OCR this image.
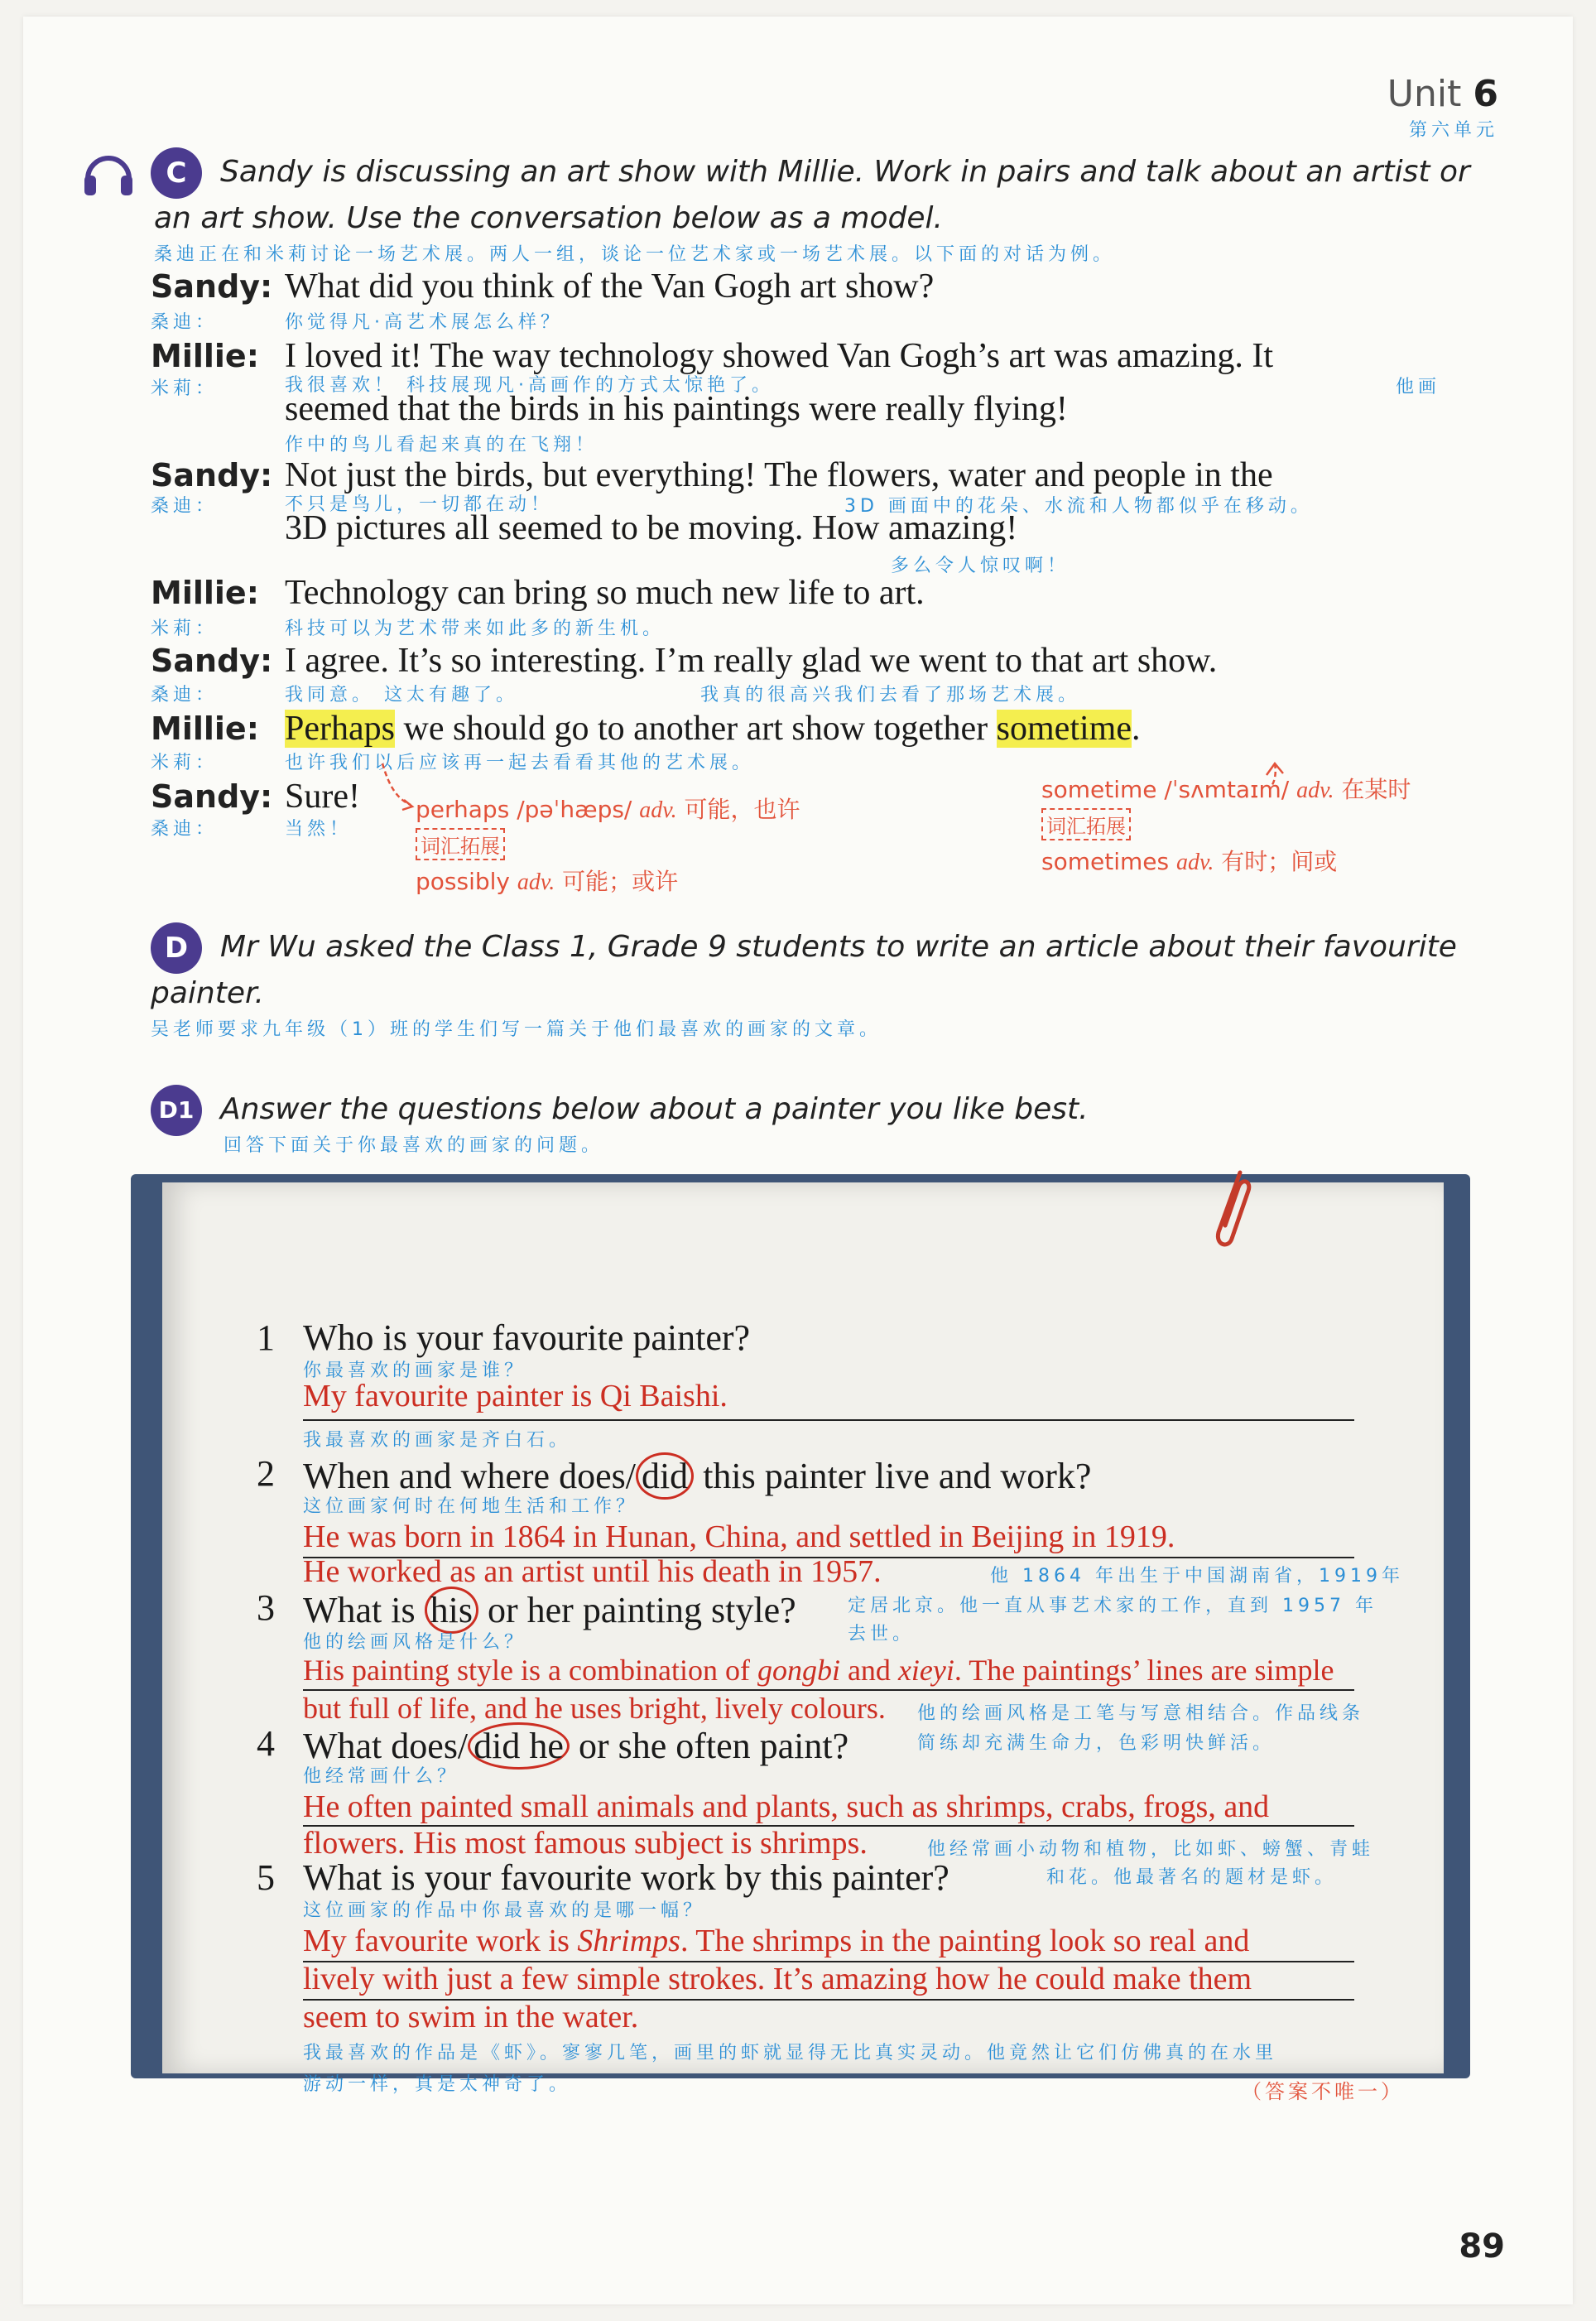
Unit 6
第六单元
C	Sandy is discussing an art show with Millie. Work in pairs and talk about an artist or
an art show. Use the conversation below as a model.
桑迪正在和米莉讨论一场艺术展。两人一组，谈论一位艺术家或一场艺术展。以下面的对话为例。
Sandy:
桑迪：
What did you think of the Van Gogh art show?
你觉得凡·高艺术展怎么样？
Millie:
米莉：
I loved it! The way technology showed Van Gogh’s art was amazing. It
我很喜欢！ 科技展现凡·高画作的方式太惊艳了。	他画
seemed that the birds in his paintings were really flying!
作中的鸟儿看起来真的在飞翔！
Sandy:
桑迪：
Not just the birds, but everything! The flowers, water and people in the
不只是鸟儿，一切都在动！	3D 画面中的花朵、水流和人物都似乎在移动。
3D pictures all seemed to be moving. How amazing!
多么令人惊叹啊！
Millie:
米莉：
Technology can bring so much new life to art.
科技可以为艺术带来如此多的新生机。
Sandy:
桑迪：
I agree. It’s so interesting. I’m really glad we went to that art show.
我同意。 这太有趣了。	我真的很高兴我们去看了那场艺术展。
Millie:
米莉：
Perhaps we should go to another art show together sometime.
也许我们以后应该再一起去看看其他的艺术展。
Sandy:
桑迪：
Sure!
当然！
perhaps /pəˈhæps/ adv. 可能，也许
词汇拓展
possibly adv. 可能；或许
sometime /ˈsʌmtaɪm/ adv. 在某时
词汇拓展
sometimes adv. 有时；间或
D	Mr Wu asked the Class 1, Grade 9 students to write an article about their favourite
painter.
吴老师要求九年级（1）班的学生们写一篇关于他们最喜欢的画家的文章。
D1 Answer the questions below about a painter you like best.
回答下面关于你最喜欢的画家的问题。
1 Who is your favourite painter?
你最喜欢的画家是谁？
My favourite painter is Qi Baishi.
我最喜欢的画家是齐白石。
2 When and where does/ did this painter live and work?
这位画家何时在何地生活和工作？
He was born in 1864 in Hunan, China, and settled in Beijing in 1919.
He worked as an artist until his death in 1957.	他 1864 年出生于中国湖南省，1919年
定居北京。他一直从事艺术家的工作，直到 1957 年
去世。
3 What is his or her painting style?
他的绘画风格是什么？
His painting style is a combination of gongbi and xieyi. The paintings’ lines are simple
but full of life, and he uses bright, lively colours. 他的绘画风格是工笔与写意相结合。作品线条
简练却充满生命力，色彩明快鲜活。
4 What does/ did he or she often paint?
他经常画什么？
He often painted small animals and plants, such as shrimps, crabs, frogs, and
flowers. His most famous subject is shrimps.	他经常画小动物和植物，比如虾、螃蟹、青蛙
和花。他最著名的题材是虾。
5 What is your favourite work by this painter?
这位画家的作品中你最喜欢的是哪一幅？
My favourite work is Shrimps. The shrimps in the painting look so real and
lively with just a few simple strokes. It’s amazing how he could make them
seem to swim in the water.
我最喜欢的作品是《虾》。寥寥几笔，画里的虾就显得无比真实灵动。他竟然让它们仿佛真的在水里
游动一样，真是太神奇了。	（答案不唯一）
89
